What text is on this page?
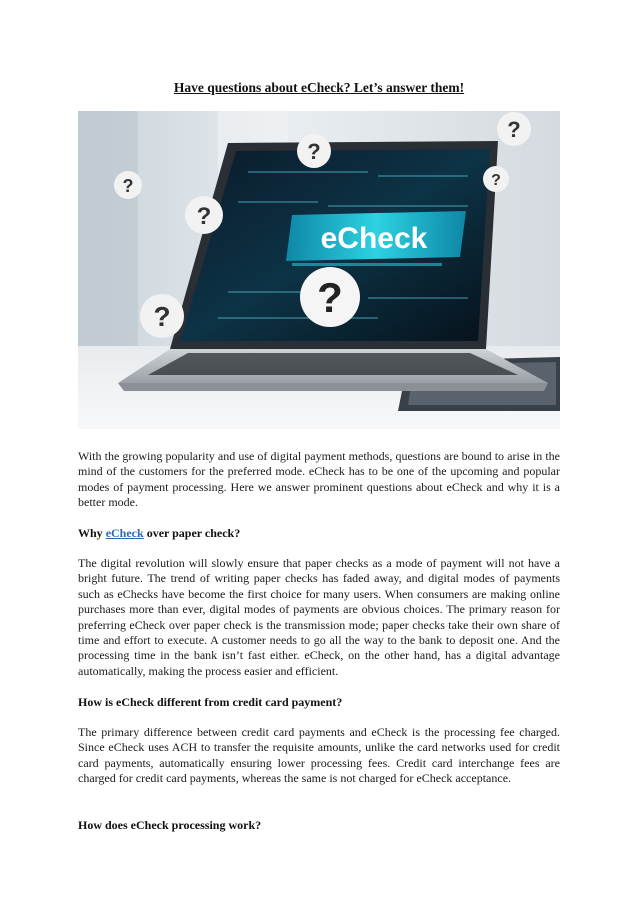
Have questions about eCheck? Let’s answer them!
eCheck
?
?
?
?
?
?
?
With the growing popularity and use of digital payment methods, questions are bound to arise in the mind of the customers for the preferred mode. eCheck has to be one of the upcoming and popular modes of payment processing. Here we answer prominent questions about eCheck and why it is a better mode.
Why eCheck over paper check?
The digital revolution will slowly ensure that paper checks as a mode of payment will not have a bright future. The trend of writing paper checks has faded away, and digital modes of payments such as eChecks have become the first choice for many users. When consumers are making online purchases more than ever, digital modes of payments are obvious choices. The primary reason for preferring eCheck over paper check is the transmission mode; paper checks take their own share of time and effort to execute. A customer needs to go all the way to the bank to deposit one. And the processing time in the bank isn’t fast either. eCheck, on the other hand, has a digital advantage automatically, making the process easier and efficient.
How is eCheck different from credit card payment?
The primary difference between credit card payments and eCheck is the processing fee charged. Since eCheck uses ACH to transfer the requisite amounts, unlike the card networks used for credit card payments, automatically ensuring lower processing fees. Credit card interchange fees are charged for credit card payments, whereas the same is not charged for eCheck acceptance.
How does eCheck processing work?
